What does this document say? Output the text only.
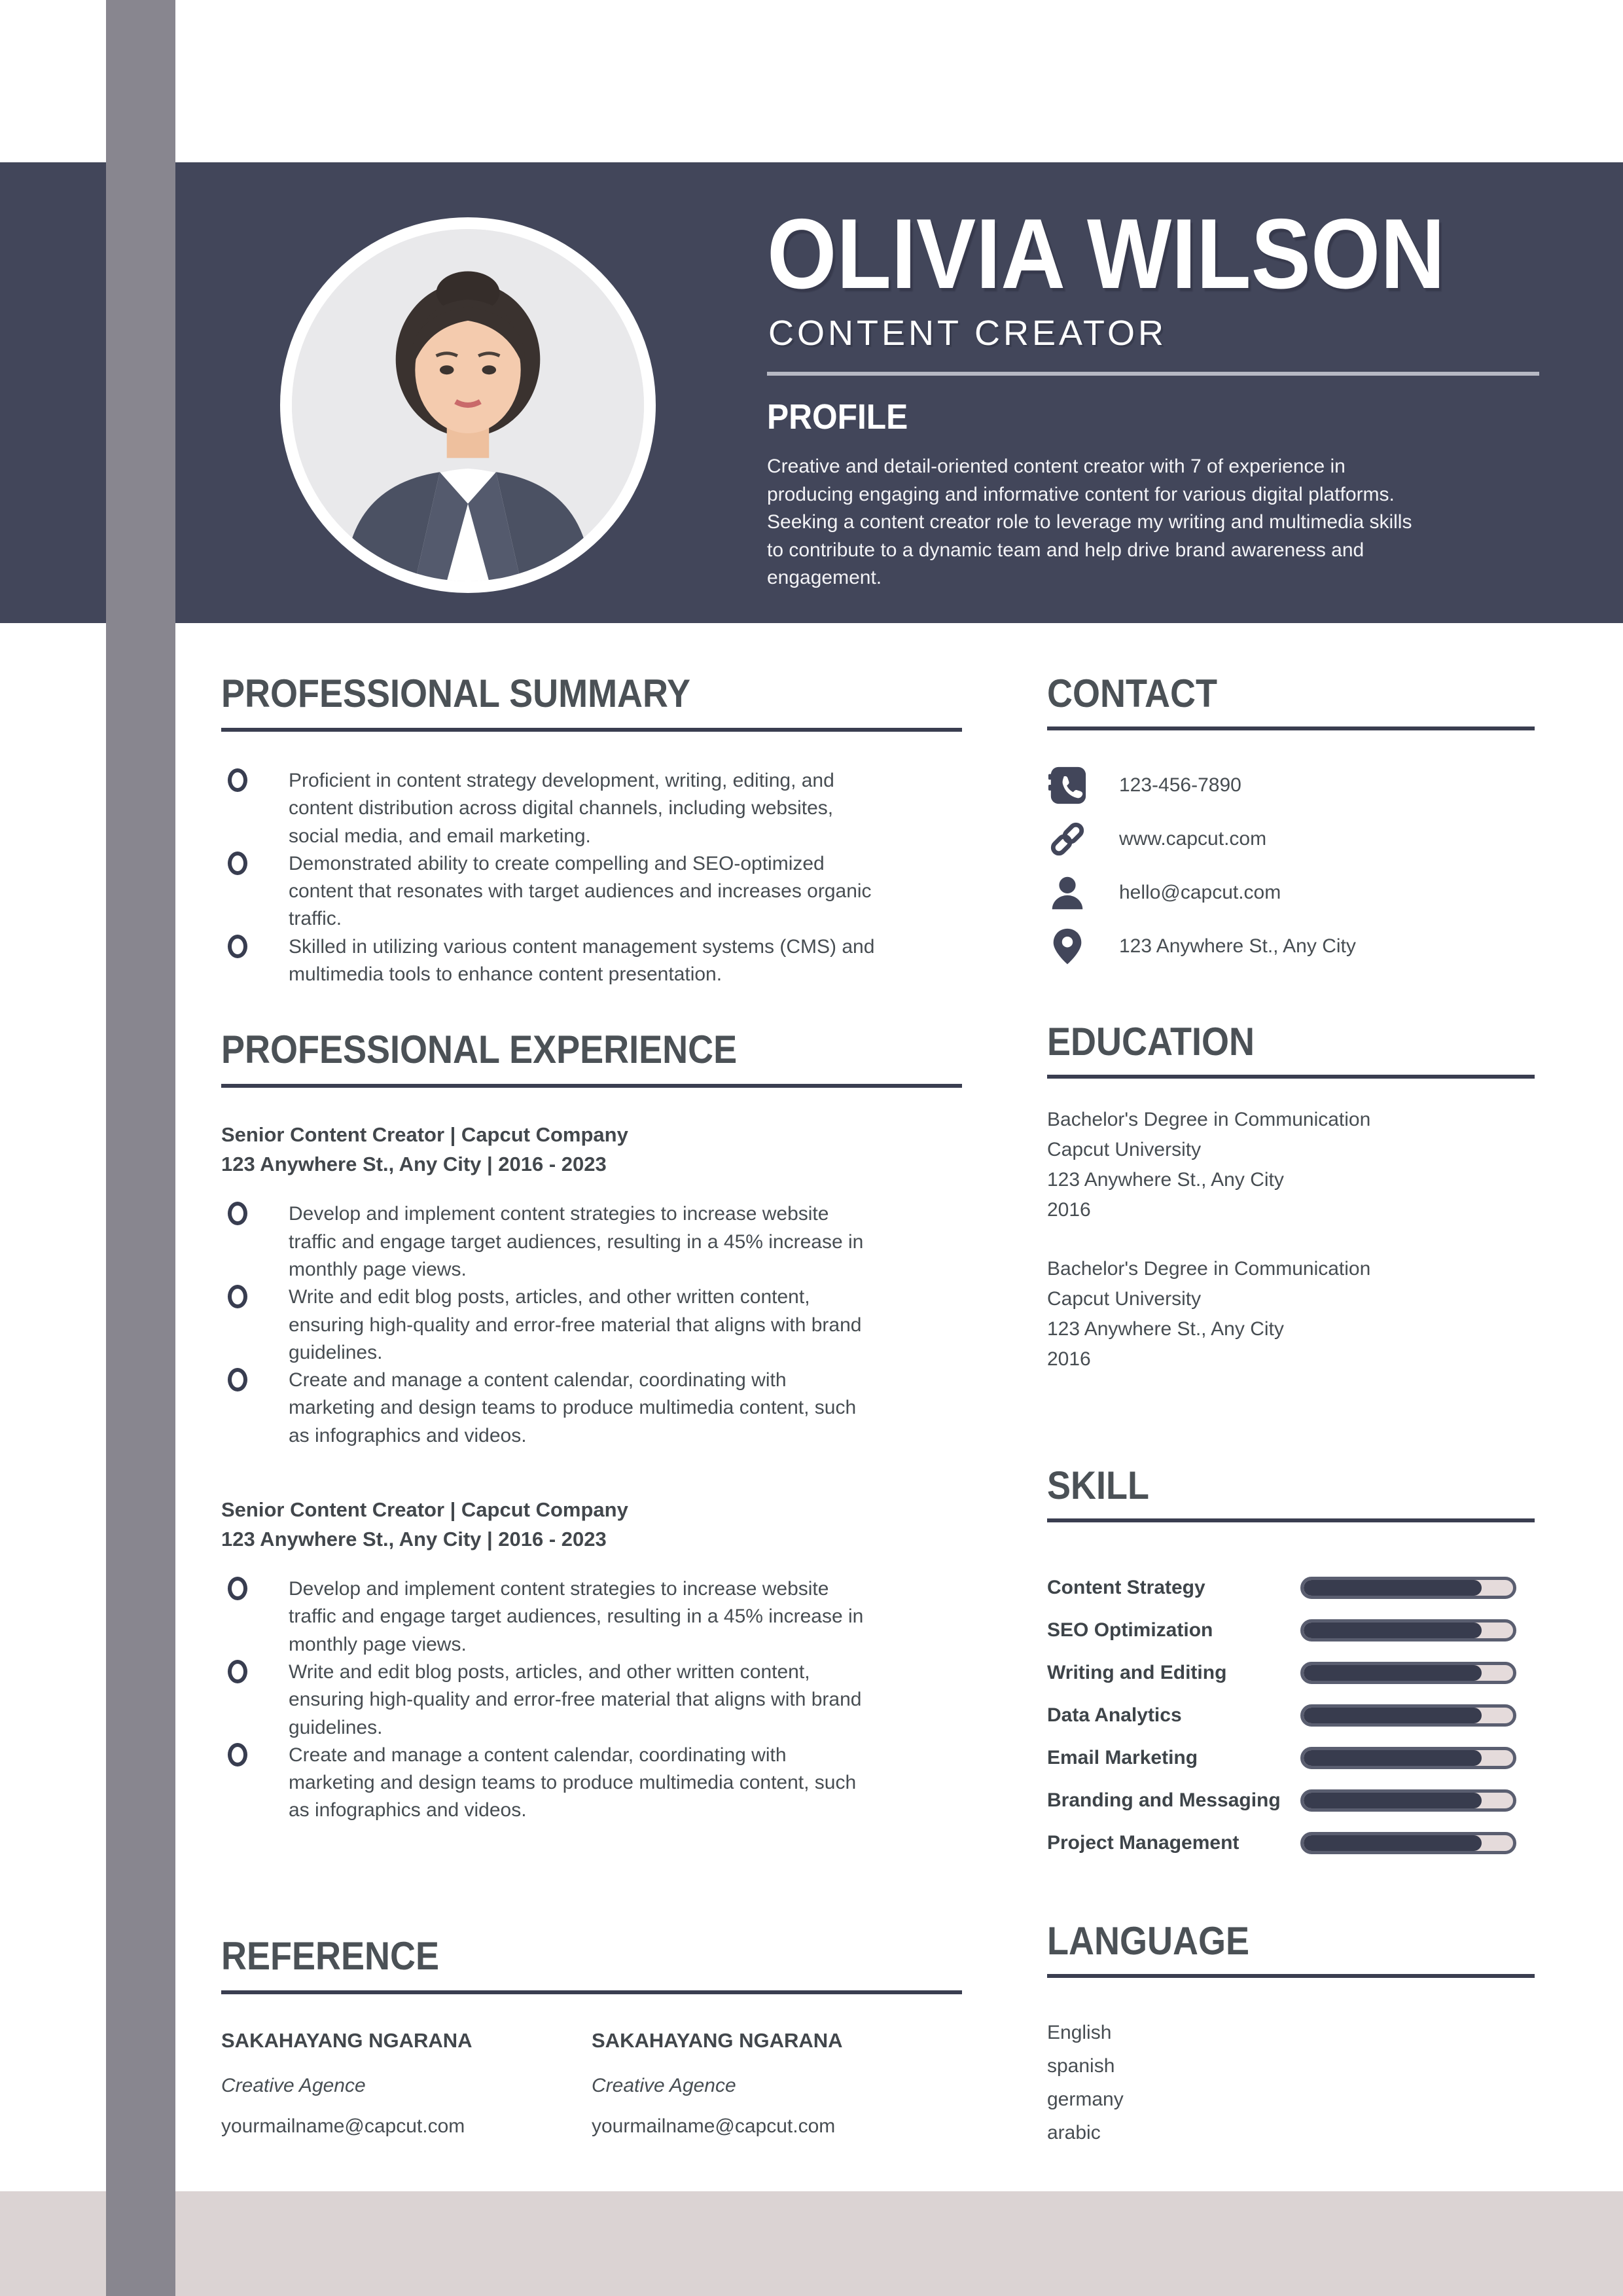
OLIVIA WILSON
CONTENT CREATOR
PROFILE
Creative and detail-oriented content creator with 7 of experience in
producing engaging and informative content for various digital platforms.
Seeking a content creator role to leverage my writing and multimedia skills
to contribute to a dynamic team and help drive brand awareness and
engagement.
PROFESSIONAL SUMMARY
Proficient in content strategy development, writing, editing, and
content distribution across digital channels, including websites,
social media, and email marketing.
Demonstrated ability to create compelling and SEO-optimized
content that resonates with target audiences and increases organic
traffic.
Skilled in utilizing various content management systems (CMS) and
multimedia tools to enhance content presentation.
PROFESSIONAL EXPERIENCE
Senior Content Creator | Capcut Company
123 Anywhere St., Any City | 2016 - 2023
Develop and implement content strategies to increase website
traffic and engage target audiences, resulting in a 45% increase in
monthly page views.
Write and edit blog posts, articles, and other written content,
ensuring high-quality and error-free material that aligns with brand
guidelines.
Create and manage a content calendar, coordinating with
marketing and design teams to produce multimedia content, such
as infographics and videos.
Senior Content Creator | Capcut Company
123 Anywhere St., Any City | 2016 - 2023
Develop and implement content strategies to increase website
traffic and engage target audiences, resulting in a 45% increase in
monthly page views.
Write and edit blog posts, articles, and other written content,
ensuring high-quality and error-free material that aligns with brand
guidelines.
Create and manage a content calendar, coordinating with
marketing and design teams to produce multimedia content, such
as infographics and videos.
REFERENCE
SAKAHAYANG NGARANA
Creative Agence
yourmailname@capcut.com
SAKAHAYANG NGARANA
Creative Agence
yourmailname@capcut.com
CONTACT
123-456-7890
www.capcut.com
hello@capcut.com
123 Anywhere St., Any City
EDUCATION
Bachelor's Degree in Communication
Capcut University
123 Anywhere St., Any City
2016
Bachelor's Degree in Communication
Capcut University
123 Anywhere St., Any City
2016
SKILL
Content Strategy
SEO Optimization
Writing and Editing
Data Analytics
Email Marketing
Branding and Messaging
Project Management
LANGUAGE
English
spanish
germany
arabic
